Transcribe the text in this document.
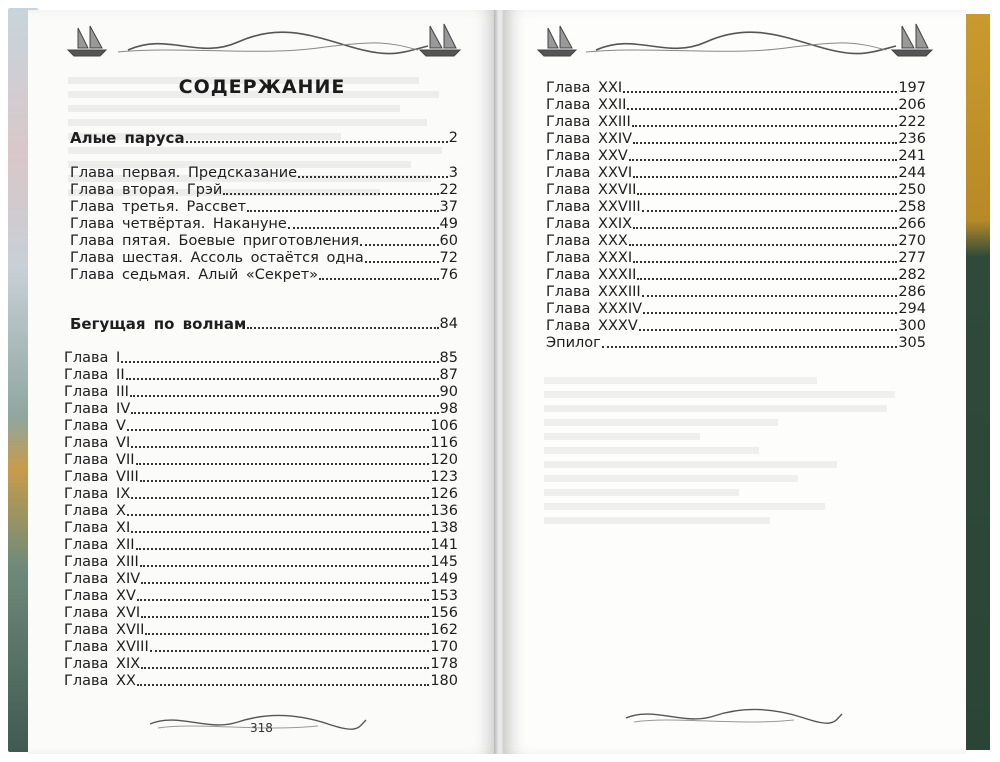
СОДЕРЖАНИЕ
Алые паруса	2
Глава первая. Предсказание	3
Глава вторая. Грэй	22
Глава третья. Рассвет	37
Глава четвёртая. Накануне	49
Глава пятая. Боевые приготовления	60
Глава шестая. Ассоль остаётся одна	72
Глава седьмая. Алый «Секрет»	76
Бегущая по волнам	84
Глава I	85
Глава II	87
Глава III	90
Глава IV	98
Глава V	106
Глава VI	116
Глава VII	120
Глава VIII	123
Глава IX	126
Глава X	136
Глава XI	138
Глава XII	141
Глава XIII	145
Глава XIV	149
Глава XV	153
Глава XVI	156
Глава XVII	162
Глава XVIII	170
Глава XIX	178
Глава XX	180
318
Глава XXI	197
Глава XXII	206
Глава XXIII	222
Глава XXIV	236
Глава XXV	241
Глава XXVI	244
Глава XXVII	250
Глава XXVIII	258
Глава XXIX	266
Глава XXX	270
Глава XXXI	277
Глава XXXII	282
Глава XXXIII	286
Глава XXXIV	294
Глава XXXV	300
Эпилог	305
